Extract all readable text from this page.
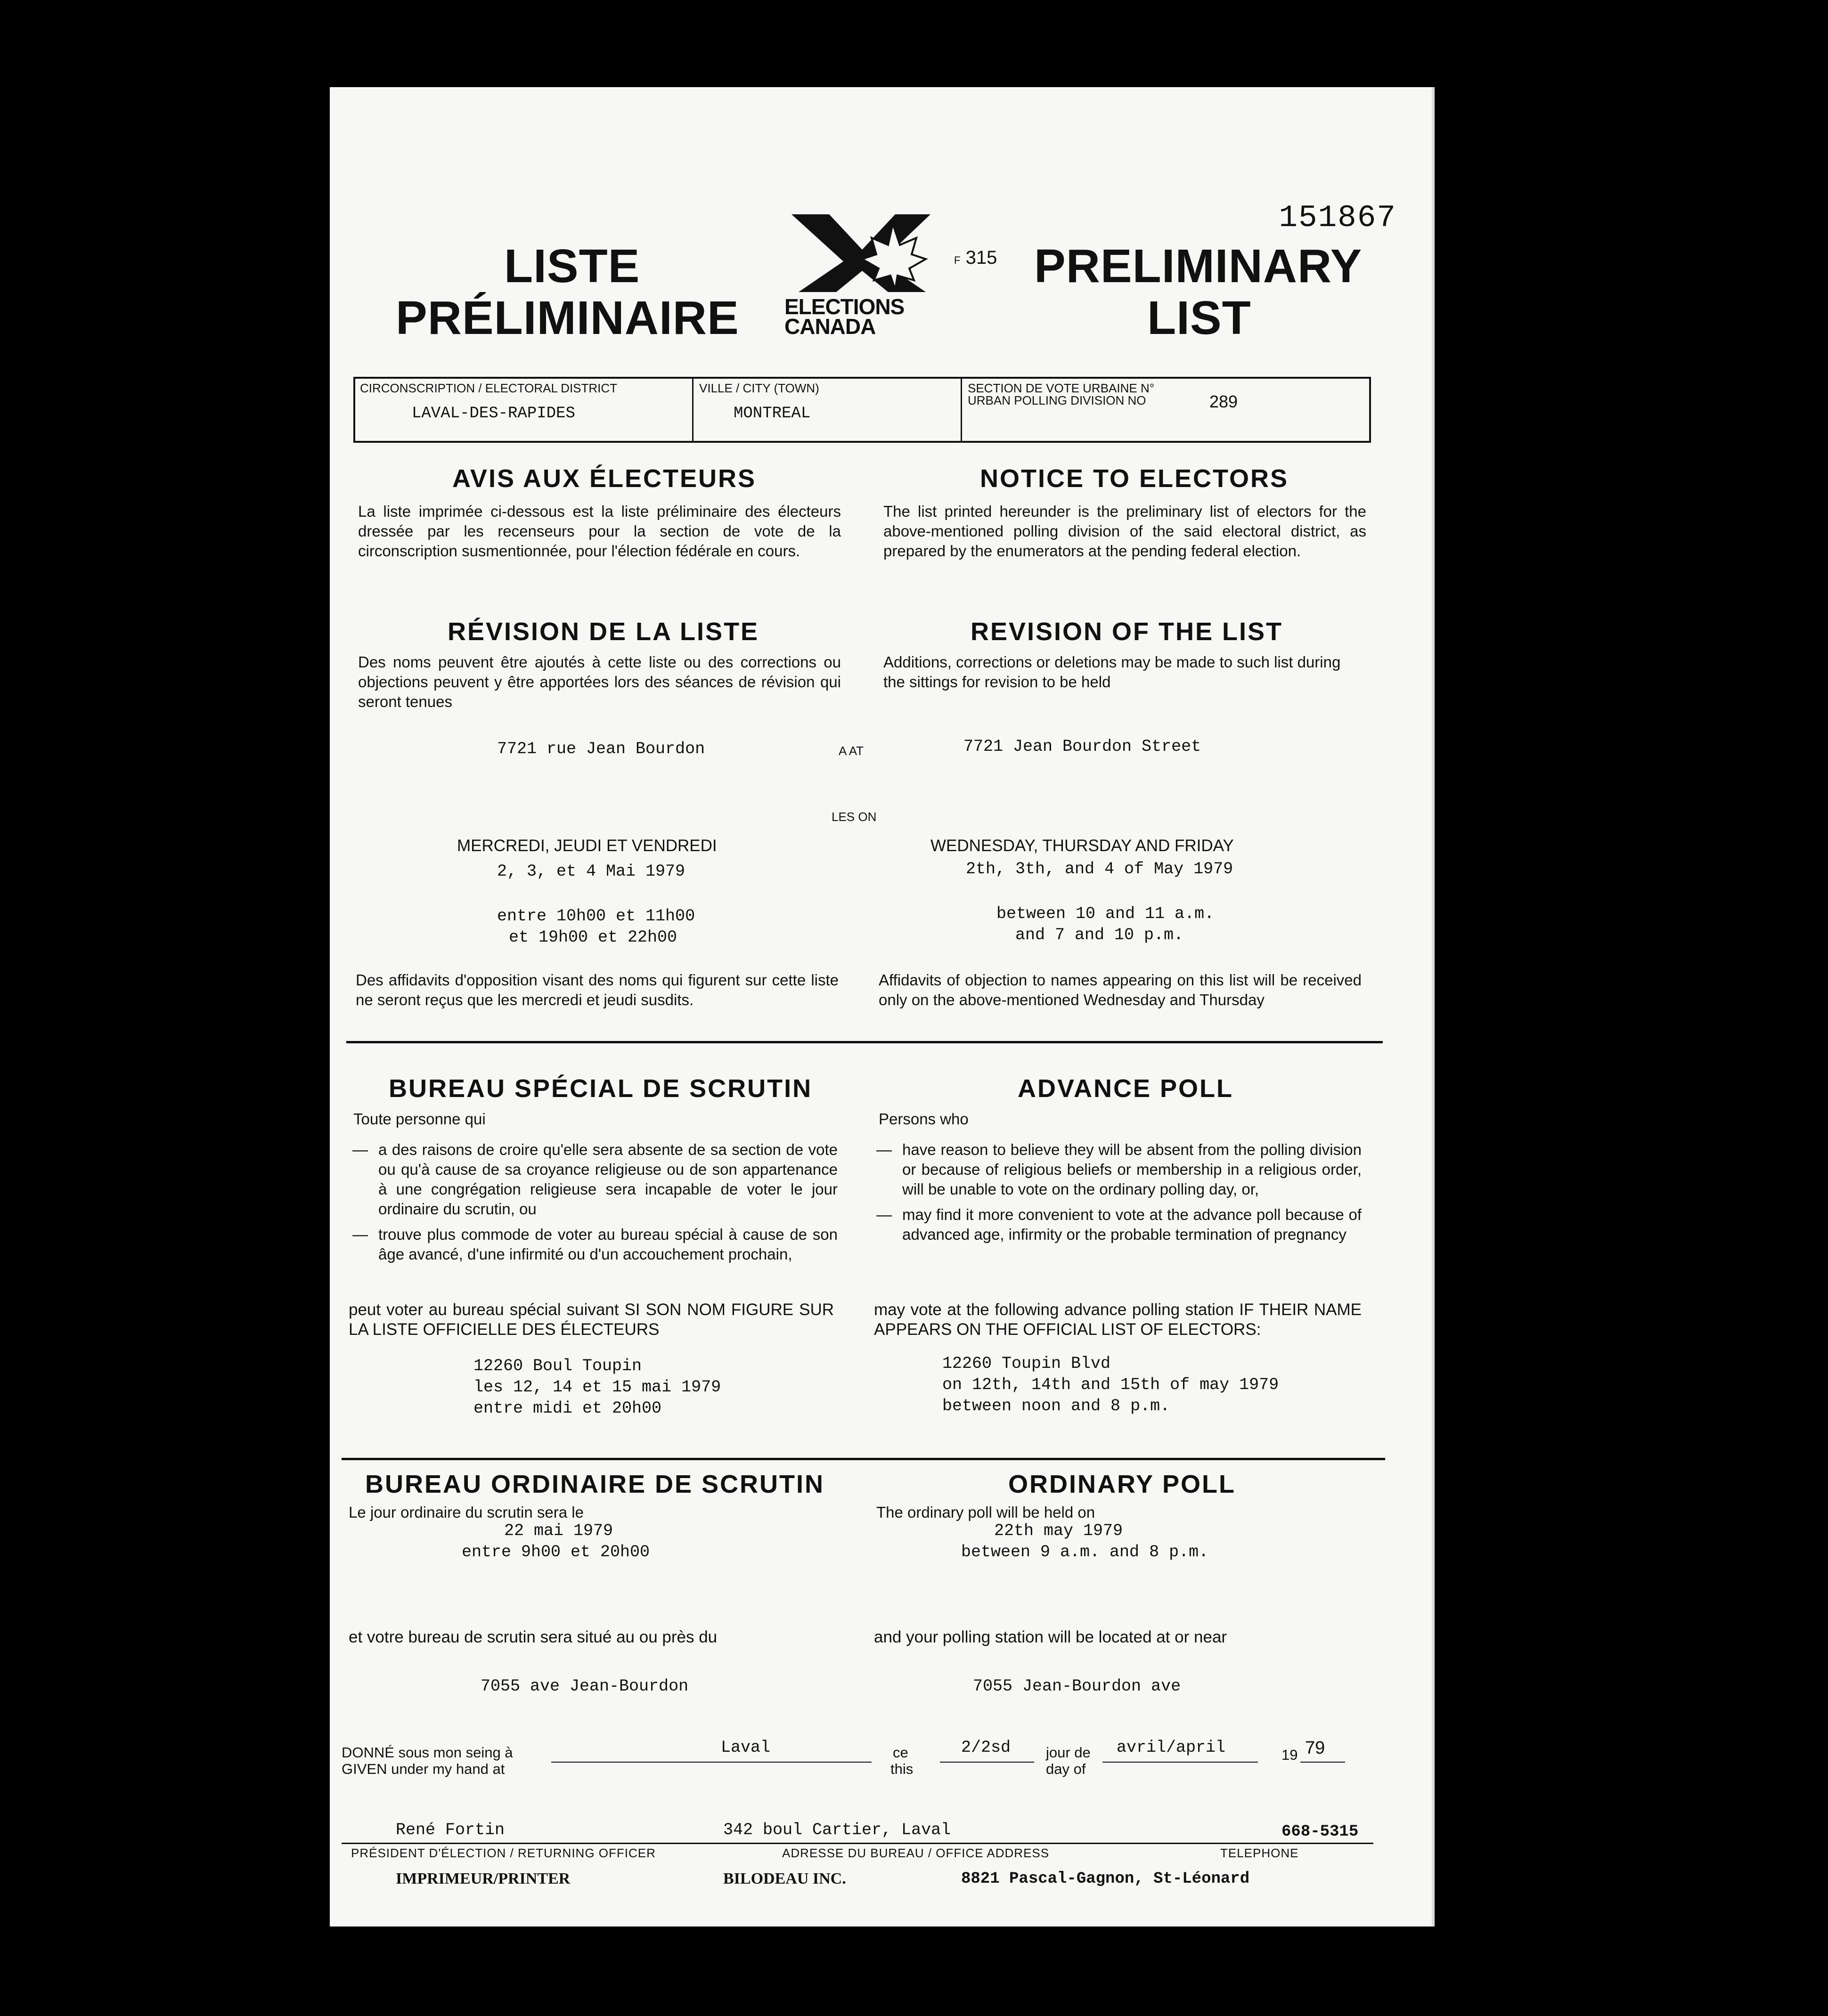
151867
LISTE
PRÉLIMINAIRE ELECTIONS
CANADA
F 315 PRELIMINARY
LIST
CIRCONSCRIPTION / ELECTORAL DISTRICT
LAVAL-DES-RAPIDES
VILLE / CITY (TOWN)
MONTREAL
SECTION DE VOTE URBAINE N°
URBAN POLLING DIVISION NO	289
AVIS AUX ÉLECTEURS	NOTICE TO ELECTORS
La liste imprimée ci-dessous est la liste préliminaire des électeurs dressée par les recenseurs pour la section de vote de la circonscription susmentionnée, pour l'élection fédérale en cours.
The list printed hereunder is the preliminary list of electors for the above-mentioned polling division of the said electoral district, as prepared by the enumerators at the pending federal election.
RÉVISION DE LA LISTE	REVISION OF THE LIST
Des noms peuvent être ajoutés à cette liste ou des corrections ou objections peuvent y être apportées lors des séances de révision qui seront tenues
Additions, corrections or deletions may be made to such list during the sittings for revision to be held
7721 rue Jean Bourdon	A AT	7721 Jean Bourdon Street
LES ON
MERCREDI, JEUDI ET VENDREDI
2, 3, et 4 Mai 1979
WEDNESDAY, THURSDAY AND FRIDAY
2th, 3th, and 4 of May 1979
entre 10h00 et 11h00
et 19h00 et 22h00
between 10 and 11 a.m.
and 7 and 10 p.m.
Des affidavits d'opposition visant des noms qui figurent sur cette liste ne seront reçus que les mercredi et jeudi susdits.
Affidavits of objection to names appearing on this list will be received only on the above-mentioned Wednesday and Thursday
BUREAU SPÉCIAL DE SCRUTIN	ADVANCE POLL
Toute personne qui	Persons who
— a des raisons de croire qu'elle sera absente de sa section de vote ou qu'à cause de sa croyance religieuse ou de son appartenance à une congrégation religieuse sera incapable de voter le jour ordinaire du scrutin, ou
— trouve plus commode de voter au bureau spécial à cause de son âge avancé, d'une infirmité ou d'un accouchement prochain,
— have reason to believe they will be absent from the polling division or because of religious beliefs or membership in a religious order, will be unable to vote on the ordinary polling day, or,
— may find it more convenient to vote at the advance poll because of advanced age, infirmity or the probable termination of pregnancy
peut voter au bureau spécial suivant SI SON NOM FIGURE SUR LA LISTE OFFICIELLE DES ÉLECTEURS
may vote at the following advance polling station IF THEIR NAME APPEARS ON THE OFFICIAL LIST OF ELECTORS:
12260 Boul Toupin
les 12, 14 et 15 mai 1979
entre midi et 20h00
12260 Toupin Blvd
on 12th, 14th and 15th of may 1979
between noon and 8 p.m.
BUREAU ORDINAIRE DE SCRUTIN	ORDINARY POLL
Le jour ordinaire du scrutin sera le	The ordinary poll will be held on
22 mai 1979
entre 9h00 et 20h00
22th may 1979
between 9 a.m. and 8 p.m.
et votre bureau de scrutin sera situé au ou près du	and your polling station will be located at or near
7055 ave Jean-Bourdon	7055 Jean-Bourdon ave
DONNÉ sous mon seing à
GIVEN under my hand at
Laval	ce
this
2/2sd jour de
day of
avril/april	19 79
René Fortin	342 boul Cartier, Laval	668-5315
PRÉSIDENT D'ÉLECTION / RETURNING OFFICER	ADRESSE DU BUREAU / OFFICE ADDRESS	TELEPHONE
IMPRIMEUR/PRINTER	BILODEAU INC.	8821 Pascal-Gagnon, St-Léonard
